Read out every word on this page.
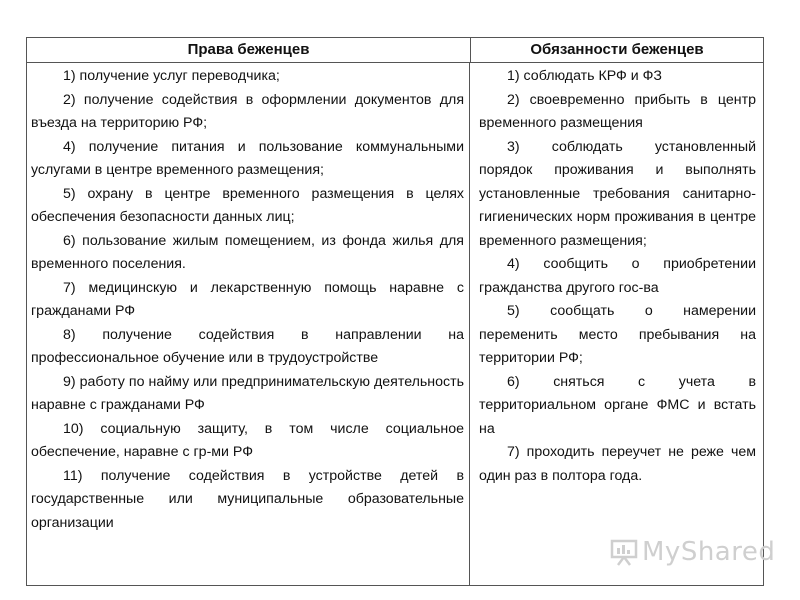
Права беженцев	Обязанности беженцев

1) получение услуг переводчика;

2) получение содействия в оформлении документов для въезда на территорию РФ;

4) получение питания и пользование коммунальными услугами в центре временного размещения;

5) охрану в центре временного размещения в целях обеспечения безопасности данных лиц;

6) пользование жилым помещением, из фонда жилья для временного поселения.

7) медицинскую и лекарственную помощь наравне с гражданами РФ

8) получение содействия в направлении на профессиональное обучение или в трудоустройстве

9) работу по найму или предпринимательскую деятельность наравне с гражданами РФ

10) социальную защиту, в том числе социальное обеспечение, наравне с гр-ми РФ

11) получение содействия в устройстве детей в государственные или муниципальные образовательные организации

1) соблюдать КРФ и ФЗ

2) своевременно прибыть в центр временного размещения

3) соблюдать установленный порядок проживания и выполнять установленные требования санитарно-гигиенических норм проживания в центре временного размещения;

4) сообщить о приобретении гражданства другого гос-ва

5) сообщать о намерении переменить место пребывания на территории РФ;

6) сняться с учета в территориальном органе ФМС и встать на

7) проходить переучет не реже чем один раз в полтора года.

MyShared
